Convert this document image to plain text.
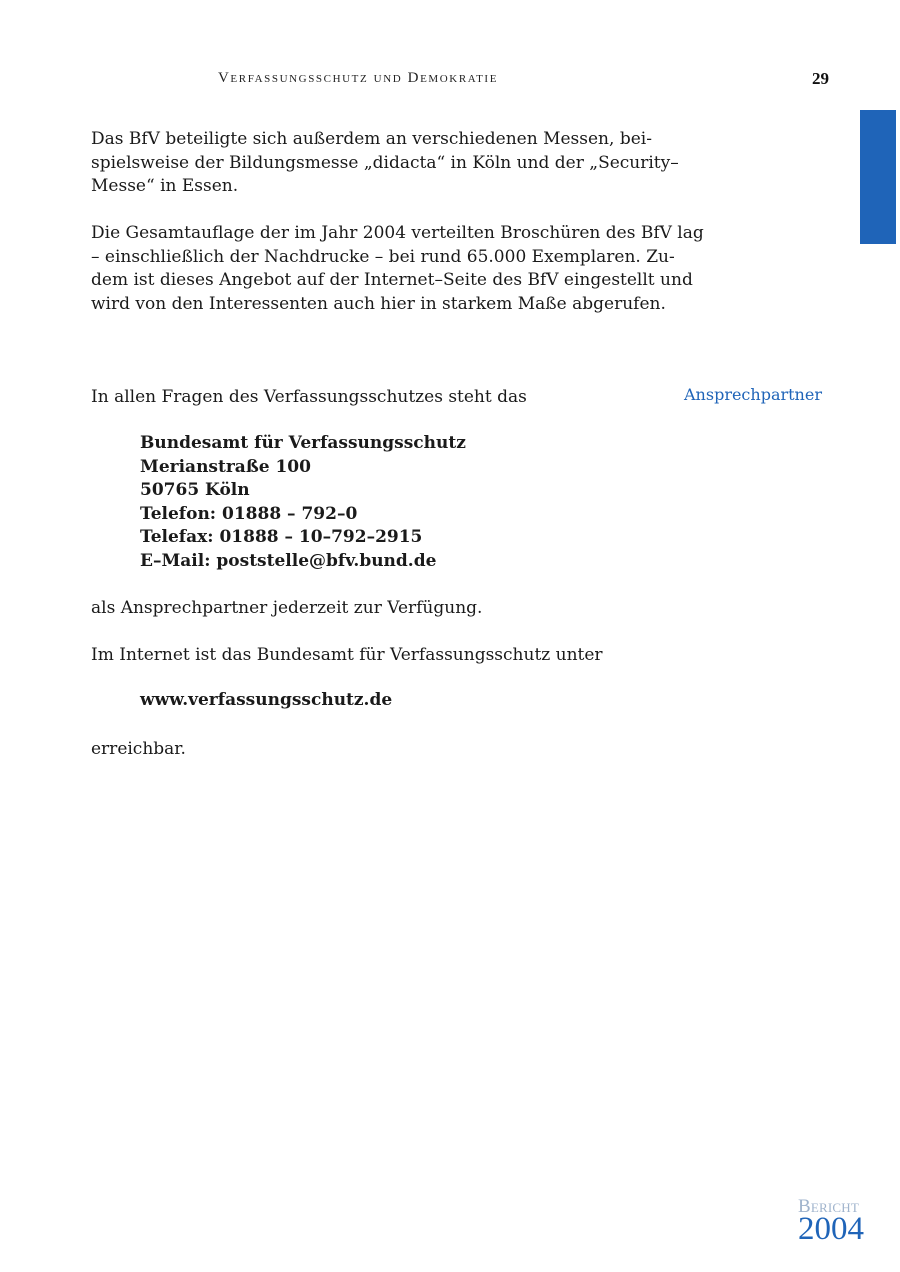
Verfassungsschutz und Demokratie	29
Das BfV beteiligte sich außerdem an verschiedenen Messen, bei-
spielsweise der Bildungsmesse „didacta“ in Köln und der „Security–
Messe“ in Essen.
Die Gesamtauflage der im Jahr 2004 verteilten Broschüren des BfV lag
– einschließlich der Nachdrucke – bei rund 65.000 Exemplaren. Zu-
dem ist dieses Angebot auf der Internet–Seite des BfV eingestellt und
wird von den Interessenten auch hier in starkem Maße abgerufen.
In allen Fragen des Verfassungsschutzes steht das	Ansprechpartner
Bundesamt für Verfassungsschutz
Merianstraße 100
50765 Köln
Telefon: 01888 – 792–0
Telefax: 01888 – 10–792–2915
E–Mail: poststelle@bfv.bund.de
als Ansprechpartner jederzeit zur Verfügung.
Im Internet ist das Bundesamt für Verfassungsschutz unter
www.verfassungsschutz.de
erreichbar.
Bericht
2004
